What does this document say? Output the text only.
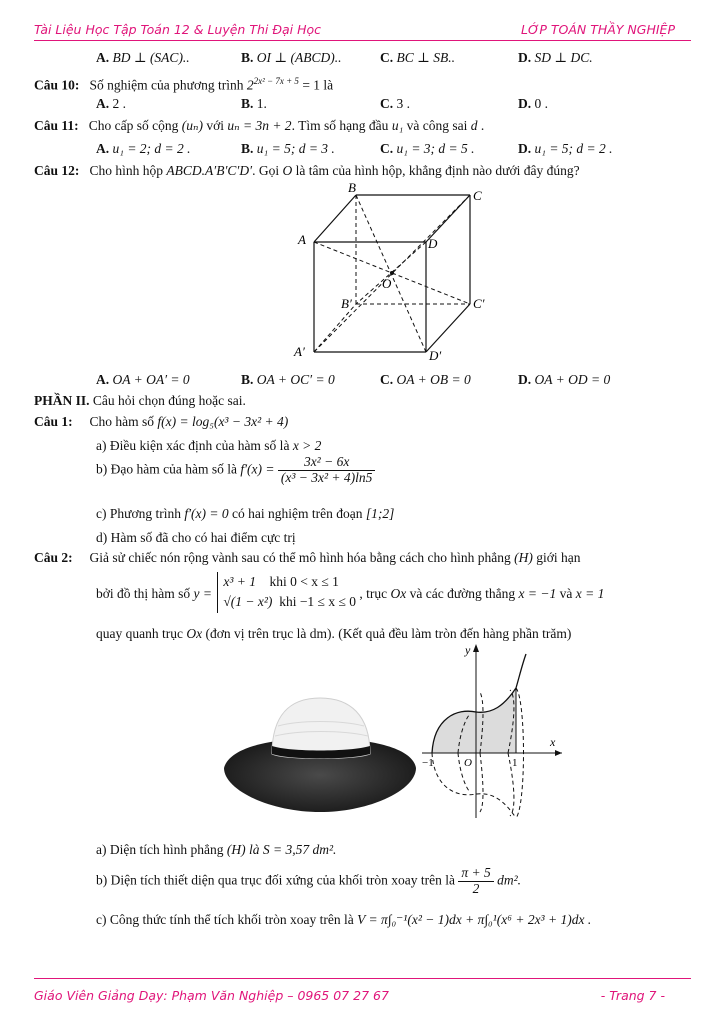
Tài Liệu Học Tập Toán 12 & Luyện Thi Đại Học	LỚP TOÁN THẦY NGHIỆP
A. BD ⊥ (SAC)..	B. OI ⊥ (ABCD)..	C. BC ⊥ SB..	D. SD ⊥ DC.
Câu 10: Số nghiệm của phương trình $2^{2x^2 - 7x + 5} = 1$ là
A. 2 .	B. 1.	C. 3 .	D. 0 .
Câu 11: Cho cấp số cộng (uₙ) với uₙ = 3n + 2. Tìm số hạng đầu u₁ và công sai d .
A. u₁ = 2; d = 2 .	B. u₁ = 5; d = 3 .	C. u₁ = 3; d = 5 .	D. u₁ = 5; d = 2 .
Câu 12: Cho hình hộp ABCD.A′B′C′D′. Gọi O là tâm của hình hộp, khẳng định nào dưới đây đúng?
B
C
A	D
O
B′	C′
A′	D′
A. OA + OA′ = 0	B. OA + OC′ = 0	C. OA + OB = 0	D. OA + OD = 0
PHẦN II. Câu hỏi chọn đúng hoặc sai.
Câu 1: Cho hàm số f(x) = log₅(x³ − 3x² + 4)
a) Điều kiện xác định của hàm số là x > 2
b) Đạo hàm của hàm số là $f'(x) = \frac{\text{3x² − 6x}}{\text{(x³ − 3x² + 4)ln5}}$
c) Phương trình f′(x) = 0 có hai nghiệm trên đoạn [1;2]
d) Hàm số đã cho có hai điểm cực trị
Câu 2: Giả sử chiếc nón rộng vành sau có thể mô hình hóa bằng cách cho hình phẳng (H) giới hạn
bởi đồ thị hàm số y =
x³ + 1 khi 0 < x ≤ 1
√(1 − x²) khi −1 ≤ x ≤ 0
, trục Ox và các đường thẳng x = −1 và x = 1
quay quanh trục Ox (đơn vị trên trục là dm). (Kết quả đều làm tròn đến hàng phần trăm)
y
x
O
−1	1
a) Diện tích hình phẳng (H) là S = 3,57 dm².
b) Diện tích thiết diện qua trục đối xứng của khối tròn xoay trên là $\frac{\pi + 5}{2} dm^2$.
c) Công thức tính thể tích khối tròn xoay trên là V = π∫₀⁻¹(x² − 1)dx + π∫₀¹(x⁶ + 2x³ + 1)dx .
Giáo Viên Giảng Dạy: Phạm Văn Nghiệp – 0965 07 27 67	- Trang 7 -
